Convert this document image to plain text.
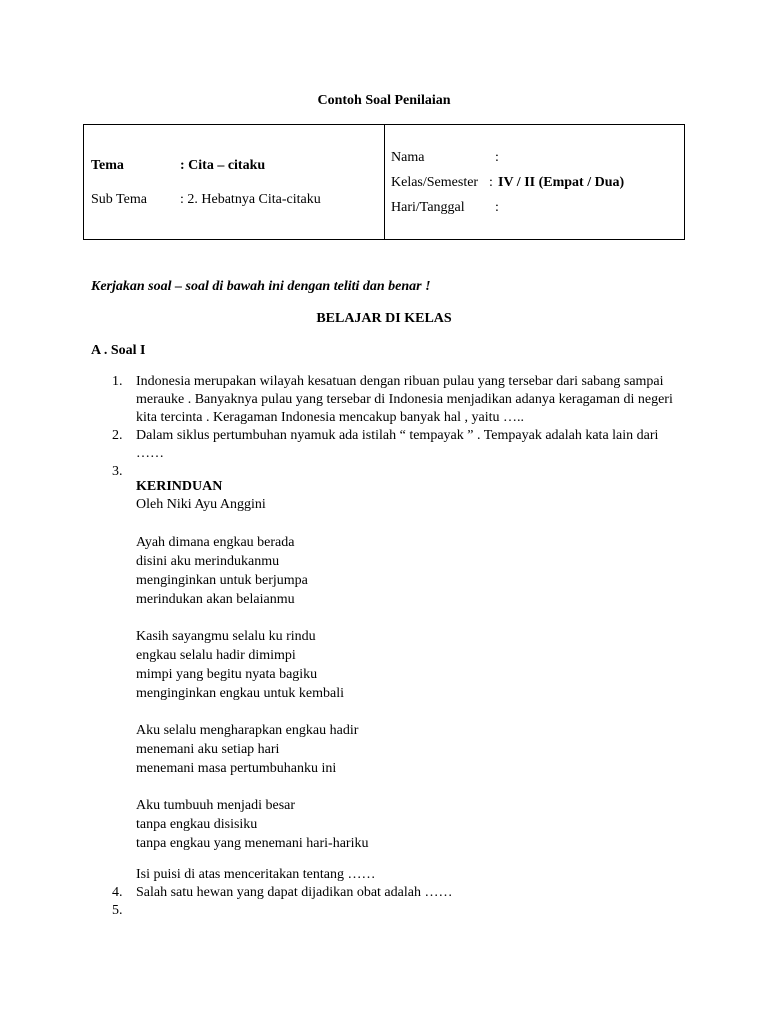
Contoh Soal Penilaian
Tema	: Cita – citaku
Sub Tema : 2. Hebatnya Cita-citaku
Nama	:
Kelas/Semester : IV / II (Empat / Dua)
Hari/Tanggal :
Kerjakan soal – soal di bawah ini dengan teliti dan benar !
BELAJAR DI KELAS
A . Soal I
1. Indonesia merupakan wilayah kesatuan dengan ribuan pulau yang tersebar dari sabang sampai
merauke . Banyaknya pulau yang tersebar di Indonesia menjadikan adanya keragaman di negeri
kita tercinta . Keragaman Indonesia mencakup banyak hal , yaitu …..
2. Dalam siklus pertumbuhan nyamuk ada istilah “ tempayak ” . Tempayak adalah kata lain dari
……
3.
KERINDUAN
Oleh Niki Ayu Anggini
Ayah dimana engkau berada
disini aku merindukanmu
menginginkan untuk berjumpa
merindukan akan belaianmu
Kasih sayangmu selalu ku rindu
engkau selalu hadir dimimpi
mimpi yang begitu nyata bagiku
menginginkan engkau untuk kembali
Aku selalu mengharapkan engkau hadir
menemani aku setiap hari
menemani masa pertumbuhanku ini
Aku tumbuuh menjadi besar
tanpa engkau disisiku
tanpa engkau yang menemani hari-hariku
Isi puisi di atas menceritakan tentang ……
4. Salah satu hewan yang dapat dijadikan obat adalah ……
5.
